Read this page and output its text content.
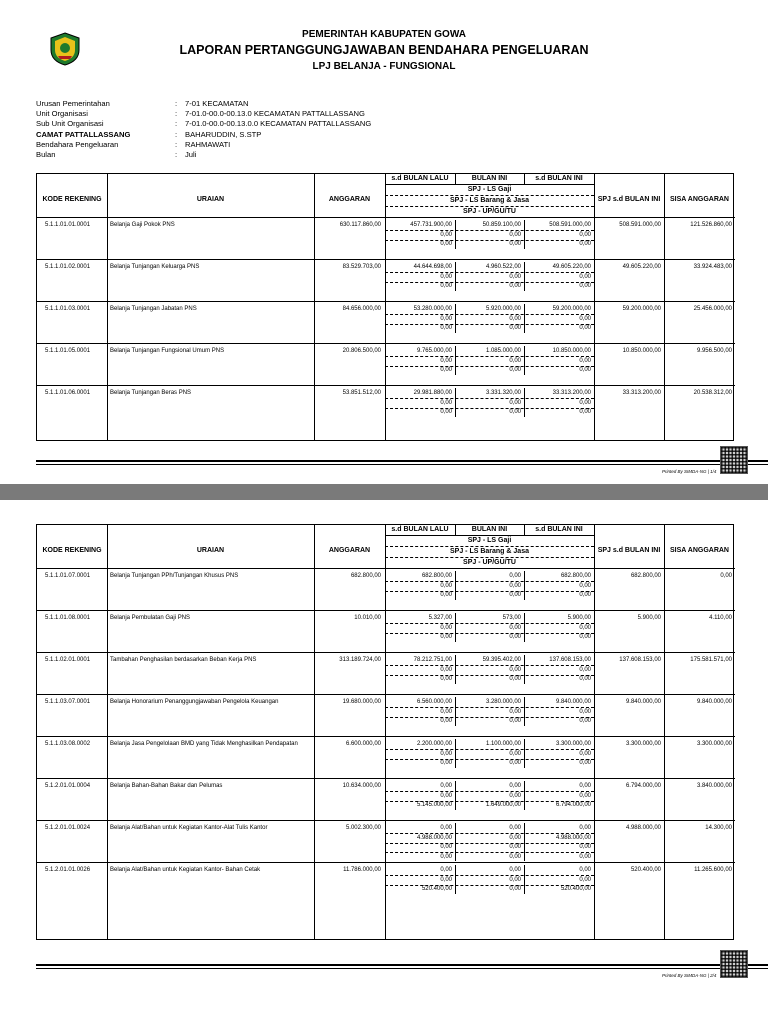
PEMERINTAH KABUPATEN GOWA
LAPORAN PERTANGGUNGJAWABAN BENDAHARA PENGELUARAN
LPJ BELANJA - FUNGSIONAL
Urusan Pemerintahan	: 7-01 KECAMATAN
Unit Organisasi	: 7-01.0-00.0-00.13.0 KECAMATAN PATTALLASSANG
Sub Unit Organisasi	: 7-01.0-00.0-00.13.0.0 KECAMATAN PATTALLASSANG
CAMAT PATTALLASSANG	: BAHARUDDIN, S.STP
Bendahara Pengeluaran	: RAHMAWATI
Bulan	: Juli
s.d BULAN LALU	BULAN INI	s.d BULAN INI
SPJ - LS Gaji
SPJ - LS Barang & Jasa
SPJ - UP/GU/TU
KODE REKENING	URAIAN	ANGGARAN	SPJ s.d BULAN INI	SISA ANGGARAN
5.1.1.01.01.0001	Belanja Gaji Pokok PNS	630.117.860,00	508.591.000,00	121.526.860,00
457.731.900,00	50.859.100,00	508.591.000,00
0,00	0,00	0,00
0,00	0,00	0,00
5.1.1.01.02.0001	Belanja Tunjangan Keluarga PNS	83.529.703,00	49.605.220,00	33.924.483,00
44.644.698,00	4.960.522,00	49.605.220,00
0,00	0,00	0,00
0,00	0,00	0,00
5.1.1.01.03.0001	Belanja Tunjangan Jabatan PNS	84.656.000,00	59.200.000,00	25.456.000,00
53.280.000,00	5.920.000,00	59.200.000,00
0,00	0,00	0,00
0,00	0,00	0,00
5.1.1.01.05.0001	Belanja Tunjangan Fungsional Umum PNS	20.806.500,00	10.850.000,00	9.956.500,00
9.765.000,00	1.085.000,00	10.850.000,00
0,00	0,00	0,00
0,00	0,00	0,00
5.1.1.01.06.0001	Belanja Tunjangan Beras PNS	53.851.512,00	33.313.200,00	20.538.312,00
29.981.880,00	3.331.320,00	33.313.200,00
0,00	0,00	0,00
0,00	0,00	0,00
Printed By SIMDA-NG | 1/4
s.d BULAN LALU	BULAN INI	s.d BULAN INI
SPJ - LS Gaji
SPJ - LS Barang & Jasa
SPJ - UP/GU/TU
KODE REKENING	URAIAN	ANGGARAN	SPJ s.d BULAN INI	SISA ANGGARAN
5.1.1.01.07.0001	Belanja Tunjangan PPh/Tunjangan Khusus PNS	682.800,00	682.800,00	0,00
682.800,00	0,00	682.800,00
0,00	0,00	0,00
0,00	0,00	0,00
5.1.1.01.08.0001	Belanja Pembulatan Gaji PNS	10.010,00	5.900,00	4.110,00
5.327,00	573,00	5.900,00
0,00	0,00	0,00
0,00	0,00	0,00
5.1.1.02.01.0001	Tambahan Penghasilan berdasarkan Beban Kerja PNS	313.189.724,00	137.608.153,00	175.581.571,00
78.212.751,00	59.395.402,00	137.608.153,00
0,00	0,00	0,00
0,00	0,00	0,00
5.1.1.03.07.0001	Belanja Honorarium Penanggungjawaban Pengelola Keuangan	19.680.000,00	9.840.000,00	9.840.000,00
6.560.000,00	3.280.000,00	9.840.000,00
0,00	0,00	0,00
0,00	0,00	0,00
5.1.1.03.08.0002	Belanja Jasa Pengelolaan BMD yang Tidak Menghasilkan Pendapatan	6.600.000,00	3.300.000,00	3.300.000,00
2.200.000,00	1.100.000,00	3.300.000,00
0,00	0,00	0,00
0,00	0,00	0,00
5.1.2.01.01.0004	Belanja Bahan-Bahan Bakar dan Pelumas	10.634.000,00	6.794.000,00	3.840.000,00
0,00	0,00	0,00
0,00	0,00	0,00
5.145.000,00	1.649.000,00	6.794.000,00
5.1.2.01.01.0024	Belanja Alat/Bahan untuk Kegiatan Kantor-Alat Tulis Kantor	5.002.300,00	4.988.000,00	14.300,00
0,00	0,00	0,00
4.988.000,00	0,00	4.988.000,00
0,00	0,00	0,00
0,00	0,00	0,00
5.1.2.01.01.0026	Belanja Alat/Bahan untuk Kegiatan Kantor- Bahan Cetak	11.786.000,00	520.400,00	11.265.600,00
0,00	0,00	0,00
0,00	0,00	0,00
520.400,00	0,00	520.400,00
Printed By SIMDA-NG | 2/4
